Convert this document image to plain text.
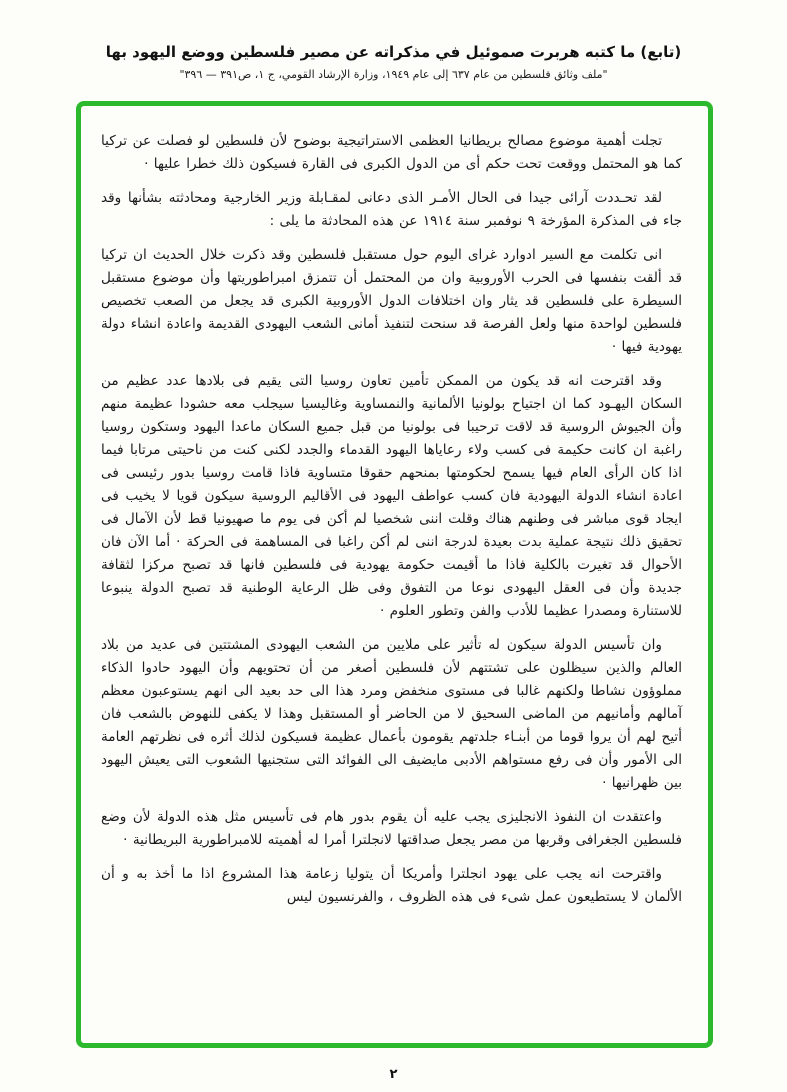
(تابع) ما كتبه هربرت صموئيل في مذكراته عن مصير فلسطين ووضع اليهود بها
"ملف وثائق فلسطين من عام ٦٣٧ إلى عام ١٩٤٩، وزارة الإرشاد القومي، ج ١، ص٣٩١ — ٣٩٦"

تجلت أهمية موضوع مصالح بريطانيا العظمى الاستراتيجية بوضوح لأن فلسطين لو فصلت عن تركيا كما هو المحتمل ووقعت تحت حكم أى من الدول الكبرى فى القارة فسيكون ذلك خطرا عليها ·

لقد تحـددت آرائى جيدا فى الحال الأمـر الذى دعانى لمقـابلة وزير الخارجية ومحادثته بشأنها وقد جاء فى المذكرة المؤرخة ٩ نوفمبر سنة ١٩١٤ عن هذه المحادثة ما يلى :

انى تكلمت مع السير ادوارد غراى اليوم حول مستقبل فلسطين وقد ذكرت خلال الحديث ان تركيا قد ألقت بنفسها فى الحرب الأوروبية وان من المحتمل أن تتمزق امبراطوريتها وأن موضوع مستقبل السيطرة على فلسطين قد يثار وان اختلافات الدول الأوروبية الكبرى قد يجعل من الصعب تخصيص فلسطين لواحدة منها ولعل الفرصة قد سنحت لتنفيذ أمانى الشعب اليهودى القديمة واعادة انشاء دولة يهودية فيها ·

وقد اقترحت انه قد يكون من الممكن تأمين تعاون روسيا التى يقيم فى بلادها عدد عظيم من السكان اليهـود كما ان اجتياح بولونيا الألمانية والنمساوية وغاليسيا سيجلب معه حشودا عظيمة منهم وأن الجيوش الروسية قد لاقت ترحيبا فى بولونيا من قبل جميع السكان ماعدا اليهود وستكون روسيا راغبة ان كانت حكيمة فى كسب ولاء رعاياها اليهود القدماء والجدد لكنى كنت من ناحيتى مرتابا فيما اذا كان الرأى العام فيها يسمح لحكومتها بمنحهم حقوقا متساوية فاذا قامت روسيا بدور رئيسى فى اعادة انشاء الدولة اليهودية فان كسب عواطف اليهود فى الأقاليم الروسية سيكون قويا لا يخيب فى ايجاد قوى مباشر فى وطنهم هناك وقلت اننى شخصيا لم أكن فى يوم ما صهيونيا قط لأن الآمال فى تحقيق ذلك نتيجة عملية بدت بعيدة لدرجة اننى لم أكن راغبا فى المساهمة فى الحركة · أما الآن فان الأحوال قد تغيرت بالكلية فاذا ما أقيمت حكومة يهودية فى فلسطين فانها قد تصبح مركزا لثقافة جديدة وأن فى العقل اليهودى نوعا من التفوق وفى ظل الرعاية الوطنية قد تصبح الدولة ينبوعا للاستنارة ومصدرا عظيما للأدب والفن وتطور العلوم ·

وان تأسيس الدولة سيكون له تأثير على ملايين من الشعب اليهودى المشتتين فى عديد من بلاد العالم والذين سيظلون على تشتتهم لأن فلسطين أصغر من أن تحتويهم وأن اليهود حادوا الذكاء مملوؤون نشاطا ولكنهم غالبا فى مستوى منخفض ومرد هذا الى حد بعيد الى انهم يستوعبون معظم آمالهم وأمانيهم من الماضى السحيق لا من الحاضر أو المستقبل وهذا لا يكفى للنهوض بالشعب فان أتيح لهم أن يروا قوما من أبنـاء جلدتهم يقومون بأعمال عظيمة فسيكون لذلك أثره فى نظرتهم العامة الى الأمور وأن فى رفع مستواهم الأدبى مايضيف الى الفوائد التى ستجنيها الشعوب التى يعيش اليهود بين ظهرانيها ·

واعتقدت ان النفوذ الانجليزى يجب عليه أن يقوم بدور هام فى تأسيس مثل هذه الدولة لأن وضع فلسطين الجغرافى وقربها من مصر يجعل صداقتها لانجلترا أمرا له أهميته للامبراطورية البريطانية ·

واقترحت انه يجب على يهود انجلترا وأمريكا أن يتوليا زعامة هذا المشروع اذا ما أخذ به و أن الألمان لا يستطيعون عمل شىء فى هذه الظروف ، والفرنسيون ليس

٢
